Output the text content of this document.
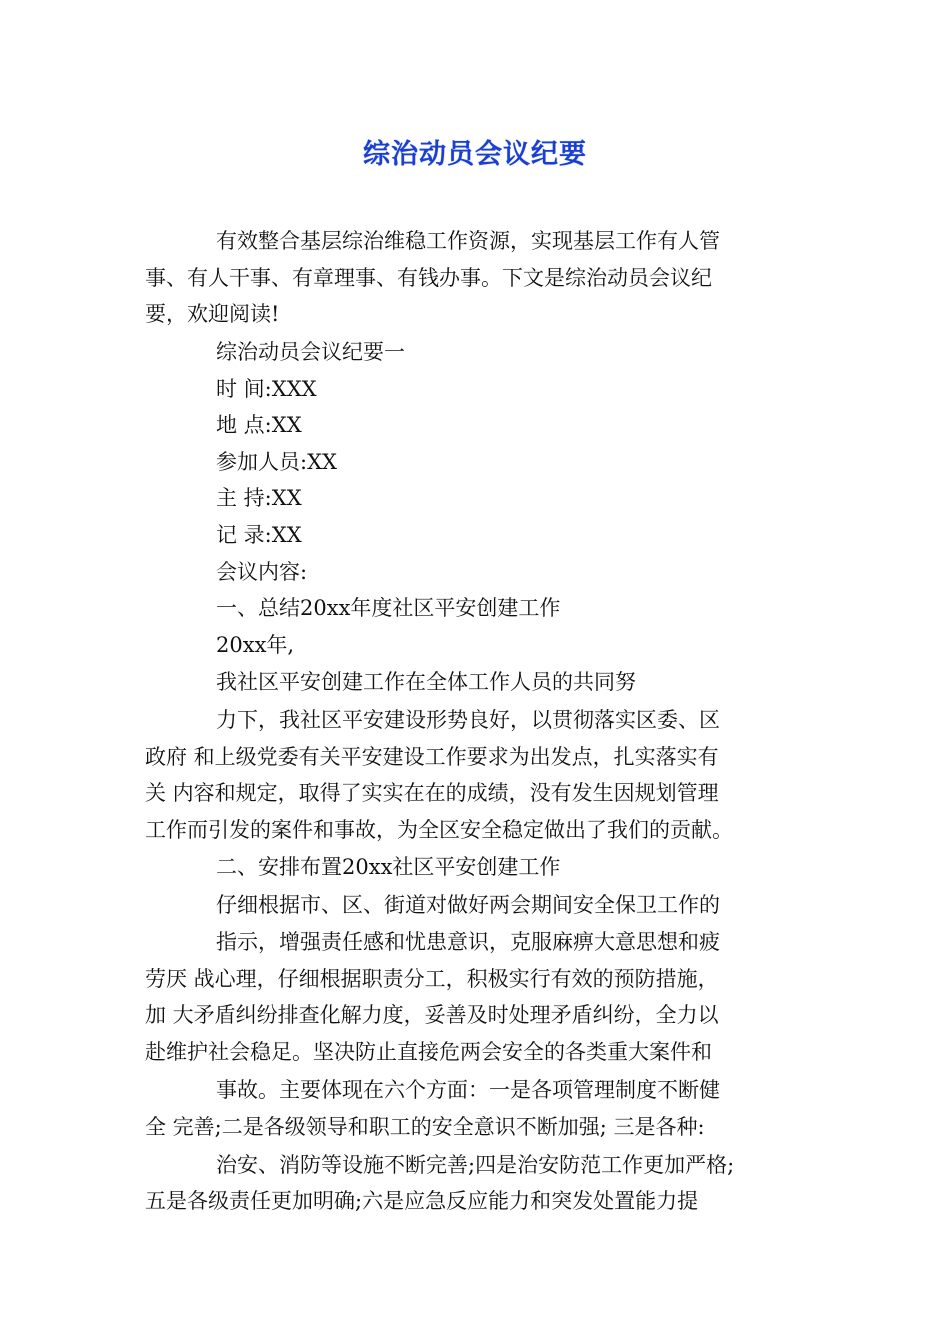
综治动员会议纪要
有效整合基层综治维稳工作资源，实现基层工作有人管
事、有人干事、有章理事、有钱办事。下文是综治动员会议纪
要，欢迎阅读!
综治动员会议纪要一
时 间:XXX
地 点:XX
参加人员:XX
主 持:XX
记 录:XX
会议内容:
一、总结20xx年度社区平安创建工作
20xx年,
我社区平安创建工作在全体工作人员的共同努
力下，我社区平安建设形势良好，以贯彻落实区委、区
政府 和上级党委有关平安建设工作要求为出发点，扎实落实有
关 内容和规定，取得了实实在在的成绩，没有发生因规划管理
工作而引发的案件和事故，为全区安全稳定做出了我们的贡献。
二、安排布置20xx社区平安创建工作
仔细根据市、区、街道对做好两会期间安全保卫工作的
指示，增强责任感和忧患意识，克服麻痹大意思想和疲
劳厌 战心理，仔细根据职责分工，积极实行有效的预防措施，
加 大矛盾纠纷排查化解力度，妥善及时处理矛盾纠纷，全力以
赴维护社会稳足。坚决防止直接危两会安全的各类重大案件和
事故。主要体现在六个方面：一是各项管理制度不断健
全 完善;二是各级领导和职工的安全意识不断加强; 三是各种:
治安、消防等设施不断完善;四是治安防范工作更加严格;
五是各级责任更加明确;六是应急反应能力和突发处置能力提
